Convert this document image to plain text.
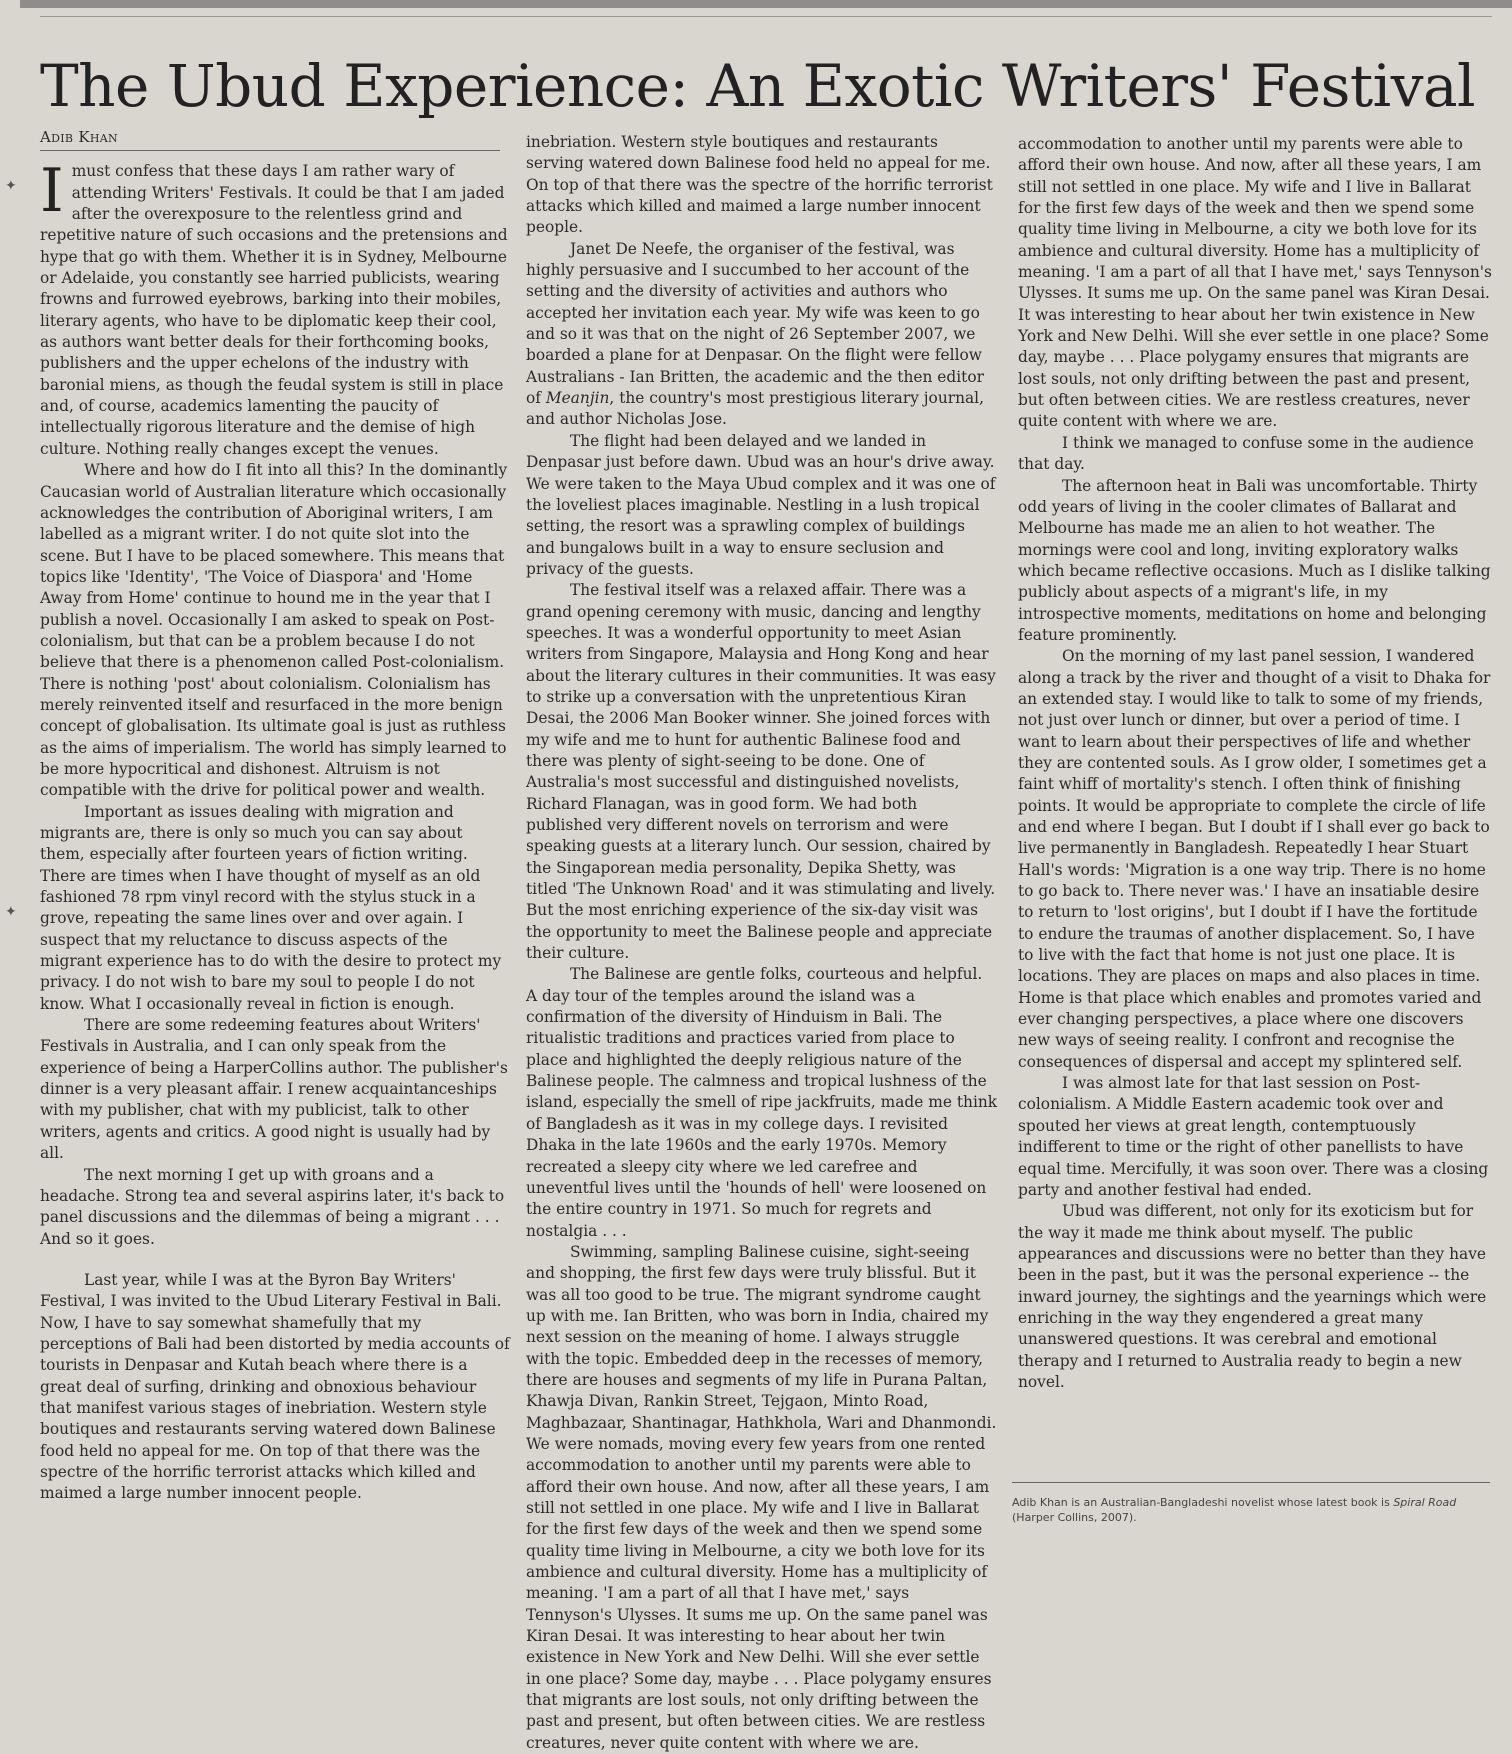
The Ubud Experience: An Exotic Writers' Festival
✦
✦
Adib Khan

Imust confess that these days I am rather wary of attending Writers' Festivals. It could be that I am jaded after the overexposure to the relentless grind and repetitive nature of such occasions and the pretensions and hype that go with them. Whether it is in Sydney, Melbourne or Adelaide, you constantly see harried publicists, wearing frowns and furrowed eyebrows, barking into their mobiles, literary agents, who have to be diplomatic keep their cool, as authors want better deals for their forthcoming books, publishers and the upper echelons of the industry with baronial miens, as though the feudal system is still in place and, of course, academics lamenting the paucity of intellectually rigorous literature and the demise of high culture. Nothing really changes except the venues.

Where and how do I fit into all this? In the dominantly Caucasian world of Australian literature which occasionally acknowledges the contribution of Aboriginal writers, I am labelled as a migrant writer. I do not quite slot into the scene. But I have to be placed somewhere. This means that topics like 'Identity', 'The Voice of Diaspora' and 'Home Away from Home' continue to hound me in the year that I publish a novel. Occasionally I am asked to speak on Post-colonialism, but that can be a problem because I do not believe that there is a phenomenon called Post-colonialism. There is nothing 'post' about colonialism. Colonialism has merely reinvented itself and resurfaced in the more benign concept of globalisation. Its ultimate goal is just as ruthless as the aims of imperialism. The world has simply learned to be more hypocritical and dishonest. Altruism is not compatible with the drive for political power and wealth.

Important as issues dealing with migration and migrants are, there is only so much you can say about them, especially after fourteen years of fiction writing. There are times when I have thought of myself as an old fashioned 78 rpm vinyl record with the stylus stuck in a grove, repeating the same lines over and over again. I suspect that my reluctance to discuss aspects of the migrant experience has to do with the desire to protect my privacy. I do not wish to bare my soul to people I do not know. What I occasionally reveal in fiction is enough.

There are some redeeming features about Writers' Festivals in Australia, and I can only speak from the experience of being a HarperCollins author. The publisher's dinner is a very pleasant affair. I renew acquaintanceships with my publisher, chat with my publicist, talk to other writers, agents and critics. A good night is usually had by all.

The next morning I get up with groans and a headache. Strong tea and several aspirins later, it's back to panel discussions and the dilemmas of being a migrant . . . And so it goes.

Last year, while I was at the Byron Bay Writers' Festival, I was invited to the Ubud Literary Festival in Bali. Now, I have to say somewhat shamefully that my perceptions of Bali had been distorted by media accounts of tourists in Denpasar and Kutah beach where there is a great deal of surfing, drinking and obnoxious behaviour that manifest various stages of inebriation. Western style boutiques and restaurants serving watered down Balinese food held no appeal for me. On top of that there was the spectre of the horrific terrorist attacks which killed and maimed a large number innocent people.

inebriation. Western style boutiques and restaurants serving watered down Balinese food held no appeal for me. On top of that there was the spectre of the horrific terrorist attacks which killed and maimed a large number innocent people.

Janet De Neefe, the organiser of the festival, was highly persuasive and I succumbed to her account of the setting and the diversity of activities and authors who accepted her invitation each year. My wife was keen to go and so it was that on the night of 26 September 2007, we boarded a plane for at Denpasar. On the flight were fellow Australians - Ian Britten, the academic and the then editor of Meanjin, the country's most prestigious literary journal, and author Nicholas Jose.

The flight had been delayed and we landed in Denpasar just before dawn. Ubud was an hour's drive away. We were taken to the Maya Ubud complex and it was one of the loveliest places imaginable. Nestling in a lush tropical setting, the resort was a sprawling complex of buildings and bungalows built in a way to ensure seclusion and privacy of the guests.

The festival itself was a relaxed affair. There was a grand opening ceremony with music, dancing and lengthy speeches. It was a wonderful opportunity to meet Asian writers from Singapore, Malaysia and Hong Kong and hear about the literary cultures in their communities. It was easy to strike up a conversation with the unpretentious Kiran Desai, the 2006 Man Booker winner. She joined forces with my wife and me to hunt for authentic Balinese food and there was plenty of sight-seeing to be done. One of Australia's most successful and distinguished novelists, Richard Flanagan, was in good form. We had both published very different novels on terrorism and were speaking guests at a literary lunch. Our session, chaired by the Singaporean media personality, Depika Shetty, was titled 'The Unknown Road' and it was stimulating and lively. But the most enriching experience of the six-day visit was the opportunity to meet the Balinese people and appreciate their culture.

The Balinese are gentle folks, courteous and helpful. A day tour of the temples around the island was a confirmation of the diversity of Hinduism in Bali. The ritualistic traditions and practices varied from place to place and highlighted the deeply religious nature of the Balinese people. The calmness and tropical lushness of the island, especially the smell of ripe jackfruits, made me think of Bangladesh as it was in my college days. I revisited Dhaka in the late 1960s and the early 1970s. Memory recreated a sleepy city where we led carefree and uneventful lives until the 'hounds of hell' were loosened on the entire country in 1971. So much for regrets and nostalgia . . .

Swimming, sampling Balinese cuisine, sight-seeing and shopping, the first few days were truly blissful. But it was all too good to be true. The migrant syndrome caught up with me. Ian Britten, who was born in India, chaired my next session on the meaning of home. I always struggle with the topic. Embedded deep in the recesses of memory, there are houses and segments of my life in Purana Paltan, Khawja Divan, Rankin Street, Tejgaon, Minto Road, Maghbazaar, Shantinagar, Hathkhola, Wari and Dhanmondi. We were nomads, moving every few years from one rented accommodation to another until my parents were able to afford their own house. And now, after all these years, I am still not settled in one place. My wife and I live in Ballarat for the first few days of the week and then we spend some quality time living in Melbourne, a city we both love for its ambience and cultural diversity. Home has a multiplicity of meaning. 'I am a part of all that I have met,' says Tennyson's Ulysses. It sums me up. On the same panel was Kiran Desai. It was interesting to hear about her twin existence in New York and New Delhi. Will she ever settle in one place? Some day, maybe . . . Place polygamy ensures that migrants are lost souls, not only drifting between the past and present, but often between cities. We are restless creatures, never quite content with where we are.

accommodation to another until my parents were able to afford their own house. And now, after all these years, I am still not settled in one place. My wife and I live in Ballarat for the first few days of the week and then we spend some quality time living in Melbourne, a city we both love for its ambience and cultural diversity. Home has a multiplicity of meaning. 'I am a part of all that I have met,' says Tennyson's Ulysses. It sums me up. On the same panel was Kiran Desai. It was interesting to hear about her twin existence in New York and New Delhi. Will she ever settle in one place? Some day, maybe . . . Place polygamy ensures that migrants are lost souls, not only drifting between the past and present, but often between cities. We are restless creatures, never quite content with where we are.

I think we managed to confuse some in the audience that day.

The afternoon heat in Bali was uncomfortable. Thirty odd years of living in the cooler climates of Ballarat and Melbourne has made me an alien to hot weather. The mornings were cool and long, inviting exploratory walks which became reflective occasions. Much as I dislike talking publicly about aspects of a migrant's life, in my introspective moments, meditations on home and belonging feature prominently.

On the morning of my last panel session, I wandered along a track by the river and thought of a visit to Dhaka for an extended stay. I would like to talk to some of my friends, not just over lunch or dinner, but over a period of time. I want to learn about their perspectives of life and whether they are contented souls. As I grow older, I sometimes get a faint whiff of mortality's stench. I often think of finishing points. It would be appropriate to complete the circle of life and end where I began. But I doubt if I shall ever go back to live permanently in Bangladesh. Repeatedly I hear Stuart Hall's words: 'Migration is a one way trip. There is no home to go back to. There never was.' I have an insatiable desire to return to 'lost origins', but I doubt if I have the fortitude to endure the traumas of another displacement. So, I have to live with the fact that home is not just one place. It is locations. They are places on maps and also places in time. Home is that place which enables and promotes varied and ever changing perspectives, a place where one discovers new ways of seeing reality. I confront and recognise the consequences of dispersal and accept my splintered self.

I was almost late for that last session on Post-colonialism. A Middle Eastern academic took over and spouted her views at great length, contemptuously indifferent to time or the right of other panellists to have equal time. Mercifully, it was soon over. There was a closing party and another festival had ended.

Ubud was different, not only for its exoticism but for the way it made me think about myself. The public appearances and discussions were no better than they have been in the past, but it was the personal experience -- the inward journey, the sightings and the yearnings which were enriching in the way they engendered a great many unanswered questions. It was cerebral and emotional therapy and I returned to Australia ready to begin a new novel.

Adib Khan is an Australian-Bangladeshi novelist whose latest book is Spiral Road (Harper Collins, 2007).
